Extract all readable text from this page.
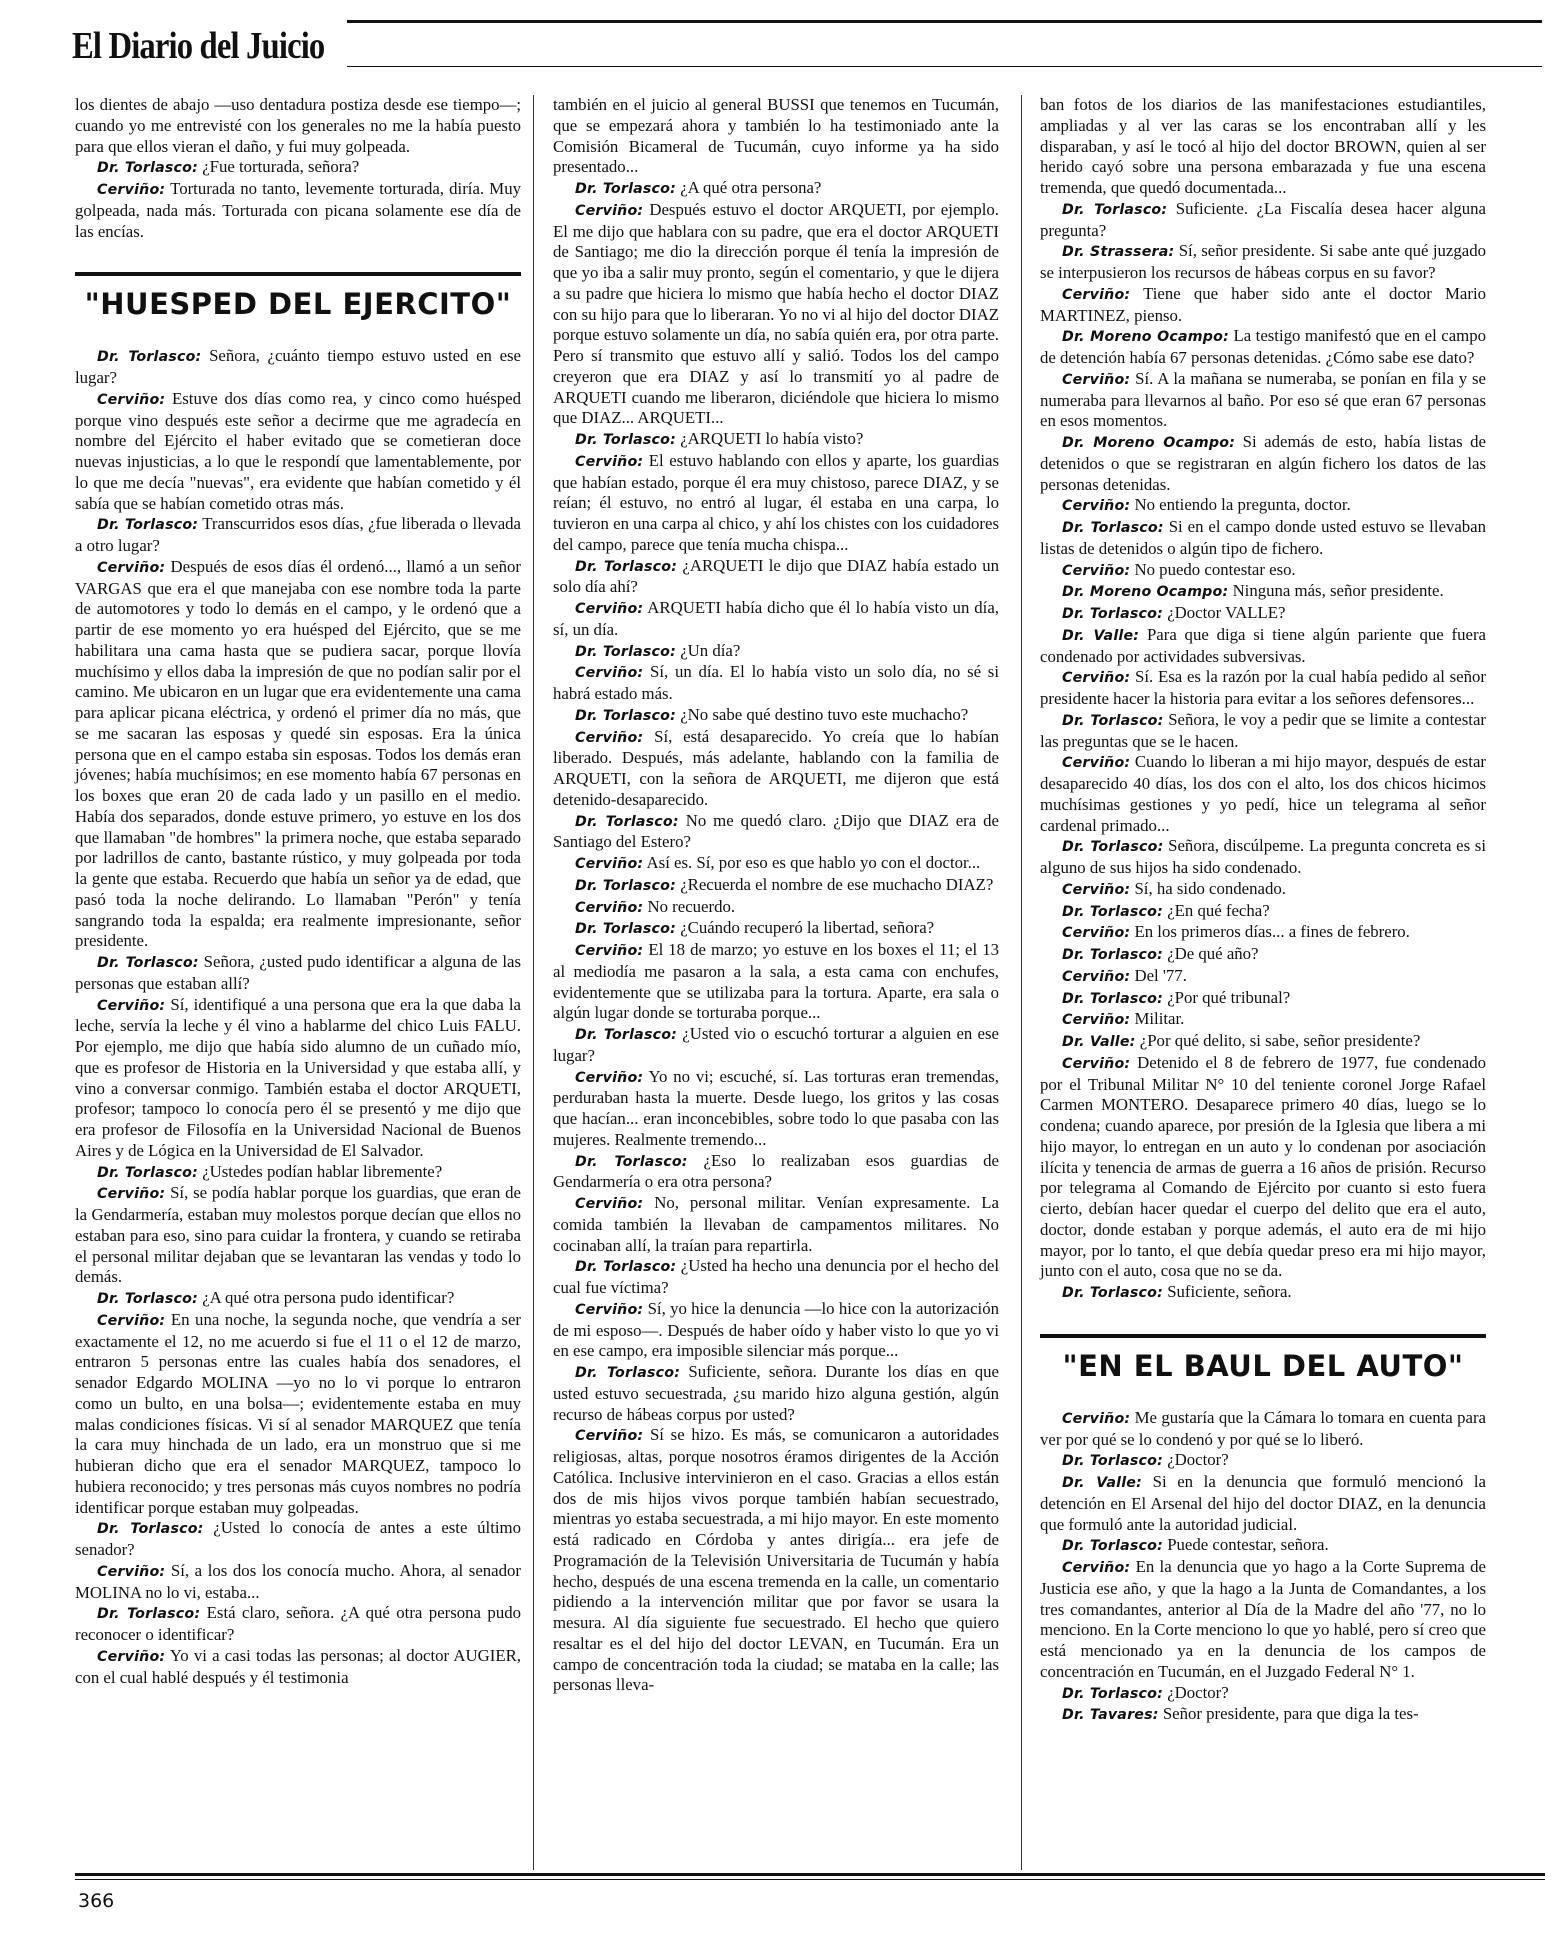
El Diario del Juicio

los dientes de abajo —uso dentadura postiza desde ese tiempo—; cuando yo me entrevisté con los generales no me la había puesto para que ellos vieran el daño, y fui muy golpeada.

Dr. Torlasco: ¿Fue torturada, señora?

Cerviño: Torturada no tanto, levemente torturada, diría. Muy golpeada, nada más. Torturada con picana solamente ese día de las encías.

"HUESPED DEL EJERCITO"

Dr. Torlasco: Señora, ¿cuánto tiempo estuvo usted en ese lugar?

Cerviño: Estuve dos días como rea, y cinco como huésped porque vino después este señor a decirme que me agradecía en nombre del Ejército el haber evitado que se cometieran doce nuevas injusticias, a lo que le respondí que lamentablemente, por lo que me decía "nuevas", era evidente que habían cometido y él sabía que se habían cometido otras más.

Dr. Torlasco: Transcurridos esos días, ¿fue liberada o llevada a otro lugar?

Cerviño: Después de esos días él ordenó..., llamó a un señor VARGAS que era el que manejaba con ese nombre toda la parte de automotores y todo lo demás en el campo, y le ordenó que a partir de ese momento yo era huésped del Ejército, que se me habilitara una cama hasta que se pudiera sacar, porque llovía muchísimo y ellos daba la impresión de que no podían salir por el camino. Me ubicaron en un lugar que era evidentemente una cama para aplicar picana eléctrica, y ordenó el primer día no más, que se me sacaran las esposas y quedé sin esposas. Era la única persona que en el campo estaba sin esposas. Todos los demás eran jóvenes; había muchísimos; en ese momento había 67 personas en los boxes que eran 20 de cada lado y un pasillo en el medio. Había dos separados, donde estuve primero, yo estuve en los dos que llamaban "de hombres" la primera noche, que estaba separado por ladrillos de canto, bastante rústico, y muy golpeada por toda la gente que estaba. Recuerdo que había un señor ya de edad, que pasó toda la noche delirando. Lo llamaban "Perón" y tenía sangrando toda la espalda; era realmente impresionante, señor presidente.

Dr. Torlasco: Señora, ¿usted pudo identificar a alguna de las personas que estaban allí?

Cerviño: Sí, identifiqué a una persona que era la que daba la leche, servía la leche y él vino a hablarme del chico Luis FALU. Por ejemplo, me dijo que había sido alumno de un cuñado mío, que es profesor de Historia en la Universidad y que estaba allí, y vino a conversar conmigo. También estaba el doctor ARQUETI, profesor; tampoco lo conocía pero él se presentó y me dijo que era profesor de Filosofía en la Universidad Nacional de Buenos Aires y de Lógica en la Universidad de El Salvador.

Dr. Torlasco: ¿Ustedes podían hablar libremente?

Cerviño: Sí, se podía hablar porque los guardias, que eran de la Gendarmería, estaban muy molestos porque decían que ellos no estaban para eso, sino para cuidar la frontera, y cuando se retiraba el personal militar dejaban que se levantaran las vendas y todo lo demás.

Dr. Torlasco: ¿A qué otra persona pudo identificar?

Cerviño: En una noche, la segunda noche, que vendría a ser exactamente el 12, no me acuerdo si fue el 11 o el 12 de marzo, entraron 5 personas entre las cuales había dos senadores, el senador Edgardo MOLINA —yo no lo vi porque lo entraron como un bulto, en una bolsa—; evidentemente estaba en muy malas condiciones físicas. Vi sí al senador MARQUEZ que tenía la cara muy hinchada de un lado, era un monstruo que si me hubieran dicho que era el senador MARQUEZ, tampoco lo hubiera reconocido; y tres personas más cuyos nombres no podría identificar porque estaban muy golpeadas.

Dr. Torlasco: ¿Usted lo conocía de antes a este último senador?

Cerviño: Sí, a los dos los conocía mucho. Ahora, al senador MOLINA no lo vi, estaba...

Dr. Torlasco: Está claro, señora. ¿A qué otra persona pudo reconocer o identificar?

Cerviño: Yo vi a casi todas las personas; al doctor AUGIER, con el cual hablé después y él testimonia

también en el juicio al general BUSSI que tenemos en Tucumán, que se empezará ahora y también lo ha testimoniado ante la Comisión Bicameral de Tucumán, cuyo informe ya ha sido presentado...

Dr. Torlasco: ¿A qué otra persona?

Cerviño: Después estuvo el doctor ARQUETI, por ejemplo. El me dijo que hablara con su padre, que era el doctor ARQUETI de Santiago; me dio la dirección porque él tenía la impresión de que yo iba a salir muy pronto, según el comentario, y que le dijera a su padre que hiciera lo mismo que había hecho el doctor DIAZ con su hijo para que lo liberaran. Yo no vi al hijo del doctor DIAZ porque estuvo solamente un día, no sabía quién era, por otra parte. Pero sí transmito que estuvo allí y salió. Todos los del campo creyeron que era DIAZ y así lo transmití yo al padre de ARQUETI cuando me liberaron, diciéndole que hiciera lo mismo que DIAZ... ARQUETI...

Dr. Torlasco: ¿ARQUETI lo había visto?

Cerviño: El estuvo hablando con ellos y aparte, los guardias que habían estado, porque él era muy chistoso, parece DIAZ, y se reían; él estuvo, no entró al lugar, él estaba en una carpa, lo tuvieron en una carpa al chico, y ahí los chistes con los cuidadores del campo, parece que tenía mucha chispa...

Dr. Torlasco: ¿ARQUETI le dijo que DIAZ había estado un solo día ahí?

Cerviño: ARQUETI había dicho que él lo había visto un día, sí, un día.

Dr. Torlasco: ¿Un día?

Cerviño: Sí, un día. El lo había visto un solo día, no sé si habrá estado más.

Dr. Torlasco: ¿No sabe qué destino tuvo este muchacho?

Cerviño: Sí, está desaparecido. Yo creía que lo habían liberado. Después, más adelante, hablando con la familia de ARQUETI, con la señora de ARQUETI, me dijeron que está detenido-desaparecido.

Dr. Torlasco: No me quedó claro. ¿Dijo que DIAZ era de Santiago del Estero?

Cerviño: Así es. Sí, por eso es que hablo yo con el doctor...

Dr. Torlasco: ¿Recuerda el nombre de ese muchacho DIAZ?

Cerviño: No recuerdo.

Dr. Torlasco: ¿Cuándo recuperó la libertad, señora?

Cerviño: El 18 de marzo; yo estuve en los boxes el 11; el 13 al mediodía me pasaron a la sala, a esta cama con enchufes, evidentemente que se utilizaba para la tortura. Aparte, era sala o algún lugar donde se torturaba porque...

Dr. Torlasco: ¿Usted vio o escuchó torturar a alguien en ese lugar?

Cerviño: Yo no vi; escuché, sí. Las torturas eran tremendas, perduraban hasta la muerte. Desde luego, los gritos y las cosas que hacían... eran inconcebibles, sobre todo lo que pasaba con las mujeres. Realmente tremendo...

Dr. Torlasco: ¿Eso lo realizaban esos guardias de Gendarmería o era otra persona?

Cerviño: No, personal militar. Venían expresamente. La comida también la llevaban de campamentos militares. No cocinaban allí, la traían para repartirla.

Dr. Torlasco: ¿Usted ha hecho una denuncia por el hecho del cual fue víctima?

Cerviño: Sí, yo hice la denuncia —lo hice con la autorización de mi esposo—. Después de haber oído y haber visto lo que yo vi en ese campo, era imposible silenciar más porque...

Dr. Torlasco: Suficiente, señora. Durante los días en que usted estuvo secuestrada, ¿su marido hizo alguna gestión, algún recurso de hábeas corpus por usted?

Cerviño: Sí se hizo. Es más, se comunicaron a autoridades religiosas, altas, porque nosotros éramos dirigentes de la Acción Católica. Inclusive intervinieron en el caso. Gracias a ellos están dos de mis hijos vivos porque también habían secuestrado, mientras yo estaba secuestrada, a mi hijo mayor. En este momento está radicado en Córdoba y antes dirigía... era jefe de Programación de la Televisión Universitaria de Tucumán y había hecho, después de una escena tremenda en la calle, un comentario pidiendo a la intervención militar que por favor se usara la mesura. Al día siguiente fue secuestrado. El hecho que quiero resaltar es el del hijo del doctor LEVAN, en Tucumán. Era un campo de concentración toda la ciudad; se mataba en la calle; las personas lleva-

ban fotos de los diarios de las manifestaciones estudiantiles, ampliadas y al ver las caras se los encontraban allí y les disparaban, y así le tocó al hijo del doctor BROWN, quien al ser herido cayó sobre una persona embarazada y fue una escena tremenda, que quedó documentada...

Dr. Torlasco: Suficiente. ¿La Fiscalía desea hacer alguna pregunta?

Dr. Strassera: Sí, señor presidente. Si sabe ante qué juzgado se interpusieron los recursos de hábeas corpus en su favor?

Cerviño: Tiene que haber sido ante el doctor Mario MARTINEZ, pienso.

Dr. Moreno Ocampo: La testigo manifestó que en el campo de detención había 67 personas detenidas. ¿Cómo sabe ese dato?

Cerviño: Sí. A la mañana se numeraba, se ponían en fila y se numeraba para llevarnos al baño. Por eso sé que eran 67 personas en esos momentos.

Dr. Moreno Ocampo: Si además de esto, había listas de detenidos o que se registraran en algún fichero los datos de las personas detenidas.

Cerviño: No entiendo la pregunta, doctor.

Dr. Torlasco: Si en el campo donde usted estuvo se llevaban listas de detenidos o algún tipo de fichero.

Cerviño: No puedo contestar eso.

Dr. Moreno Ocampo: Ninguna más, señor presidente.

Dr. Torlasco: ¿Doctor VALLE?

Dr. Valle: Para que diga si tiene algún pariente que fuera condenado por actividades subversivas.

Cerviño: Sí. Esa es la razón por la cual había pedido al señor presidente hacer la historia para evitar a los señores defensores...

Dr. Torlasco: Señora, le voy a pedir que se limite a contestar las preguntas que se le hacen.

Cerviño: Cuando lo liberan a mi hijo mayor, después de estar desaparecido 40 días, los dos con el alto, los dos chicos hicimos muchísimas gestiones y yo pedí, hice un telegrama al señor cardenal primado...

Dr. Torlasco: Señora, discúlpeme. La pregunta concreta es si alguno de sus hijos ha sido condenado.

Cerviño: Sí, ha sido condenado.

Dr. Torlasco: ¿En qué fecha?

Cerviño: En los primeros días... a fines de febrero.

Dr. Torlasco: ¿De qué año?

Cerviño: Del '77.

Dr. Torlasco: ¿Por qué tribunal?

Cerviño: Militar.

Dr. Valle: ¿Por qué delito, si sabe, señor presidente?

Cerviño: Detenido el 8 de febrero de 1977, fue condenado por el Tribunal Militar N° 10 del teniente coronel Jorge Rafael Carmen MONTERO. Desaparece primero 40 días, luego se lo condena; cuando aparece, por presión de la Iglesia que libera a mi hijo mayor, lo entregan en un auto y lo condenan por asociación ilícita y tenencia de armas de guerra a 16 años de prisión. Recurso por telegrama al Comando de Ejército por cuanto si esto fuera cierto, debían hacer quedar el cuerpo del delito que era el auto, doctor, donde estaban y porque además, el auto era de mi hijo mayor, por lo tanto, el que debía quedar preso era mi hijo mayor, junto con el auto, cosa que no se da.

Dr. Torlasco: Suficiente, señora.

"EN EL BAUL DEL AUTO"

Cerviño: Me gustaría que la Cámara lo tomara en cuenta para ver por qué se lo condenó y por qué se lo liberó.

Dr. Torlasco: ¿Doctor?

Dr. Valle: Si en la denuncia que formuló mencionó la detención en El Arsenal del hijo del doctor DIAZ, en la denuncia que formuló ante la autoridad judicial.

Dr. Torlasco: Puede contestar, señora.

Cerviño: En la denuncia que yo hago a la Corte Suprema de Justicia ese año, y que la hago a la Junta de Comandantes, a los tres comandantes, anterior al Día de la Madre del año '77, no lo menciono. En la Corte menciono lo que yo hablé, pero sí creo que está mencionado ya en la denuncia de los campos de concentración en Tucumán, en el Juzgado Federal N° 1.

Dr. Torlasco: ¿Doctor?

Dr. Tavares: Señor presidente, para que diga la tes-

366
